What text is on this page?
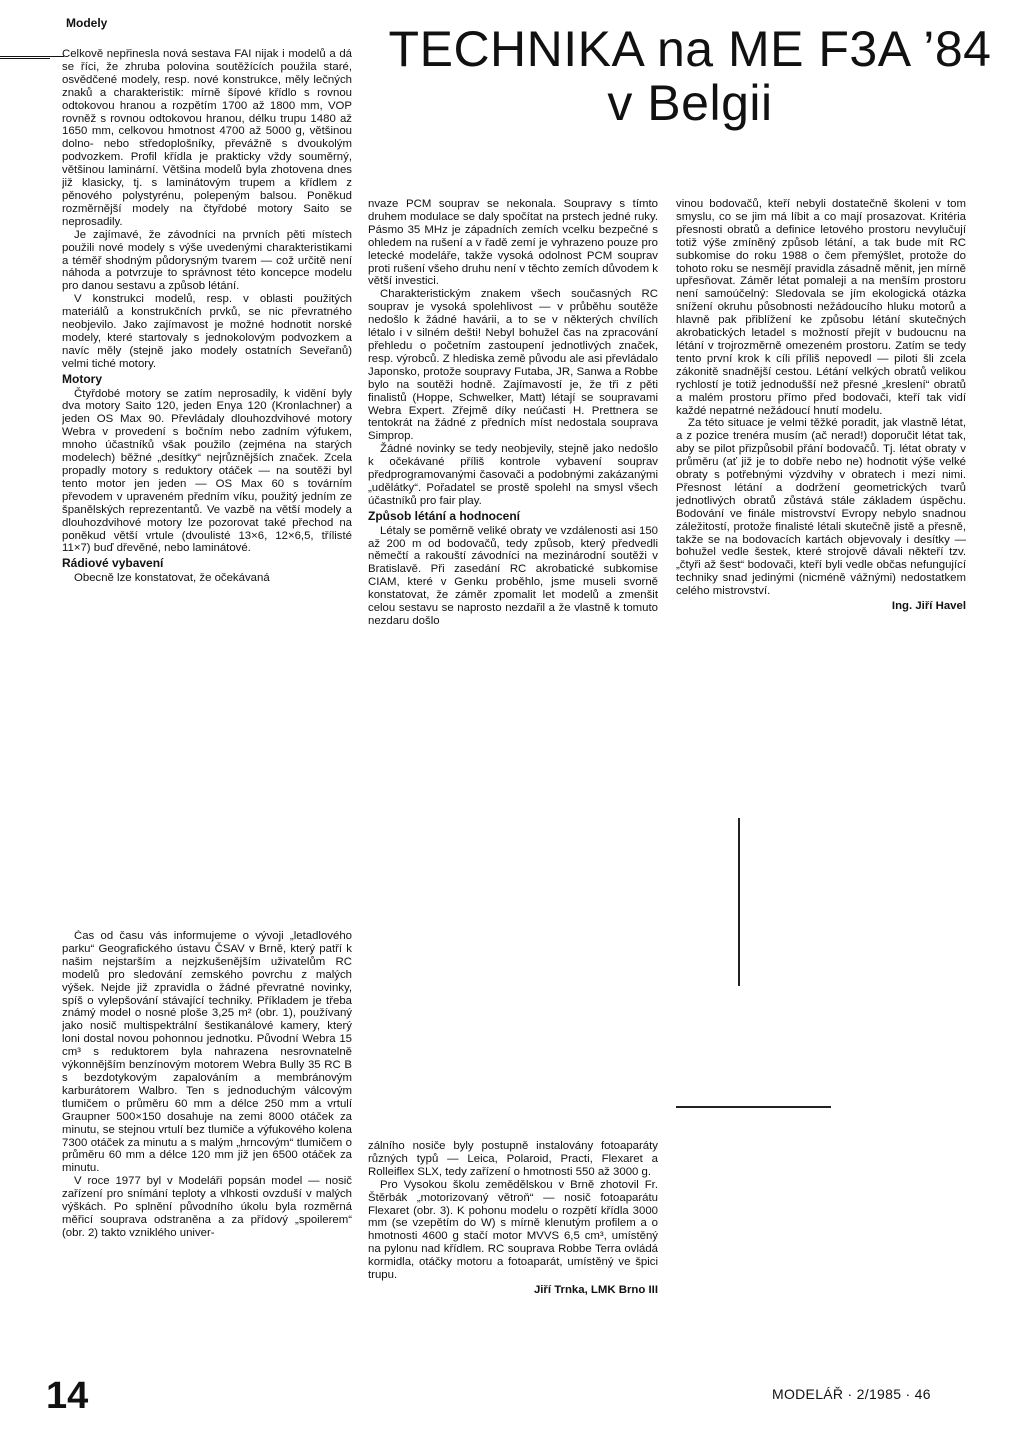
Modely	TECHNIKA na ME F3A ’84
v Belgii

Celkově nepřinesla nová sestava FAI nijak i modelů a dá se říci, že zhruba polovina soutěžících použila staré, osvědčené modely, resp. nové konstrukce, měly lečných znaků a charakteristik: mírně šípové křídlo s rovnou odtokovou hranou a rozpětím 1700 až 1800 mm, VOP rovněž s rovnou odtokovou hranou, délku trupu 1480 až 1650 mm, celkovou hmotnost 4700 až 5000 g, většinou dolno- nebo středoplošníky, převážně s dvoukolým podvozkem. Profil křídla je prakticky vždy souměrný, většinou laminární. Většina modelů byla zhotovena dnes již klasicky, tj. s laminátovým trupem a křídlem z pěnového polystyrénu, polepeným balsou. Poněkud rozměrnější modely na čtyřdobé motory Saito se neprosadily.

Je zajímavé, že závodníci na prvních pěti místech použili nové modely s výše uvedenými charakteristikami a téměř shodným půdorysným tvarem — což určitě není náhoda a potvrzuje to správnost této koncepce modelu pro danou sestavu a způsob létání.

V konstrukci modelů, resp. v oblasti použitých materiálů a konstrukčních prvků, se nic převratného neobjevilo. Jako zajímavost je možné hodnotit norské modely, které startovaly s jednokolovým podvozkem a navíc měly (stejně jako modely ostatních Seveřanů) velmi tiché motory.

Motory

Čtyřdobé motory se zatím neprosadily, k vidění byly dva motory Saito 120, jeden Enya 120 (Kronlachner) a jeden OS Max 90. Převládaly dlouhozdvihové motory Webra v provedení s bočním nebo zadním výfukem, mnoho účastníků však použilo (zejména na starých modelech) běžné „desítky“ nejrůznějších značek. Zcela propadly motory s reduktory otáček — na soutěži byl tento motor jen jeden — OS Max 60 s továrním převodem v upraveném předním víku, použitý jedním ze španělských reprezentantů. Ve vazbě na větší modely a dlouhozdvihové motory lze pozorovat také přechod na poněkud větší vrtule (dvoulisté 13×6, 12×6,5, třílisté 11×7) buď dřevěné, nebo laminátové.

Rádiové vybavení

Obecně lze konstatovat, že očekávaná

nvaze PCM souprav se nekonala. Soupravy s tímto druhem modulace se daly spočítat na prstech jedné ruky. Pásmo 35 MHz je západních zemích vcelku bezpečné s ohledem na rušení a v řadě zemí je vyhrazeno pouze pro letecké modeláře, takže vysoká odolnost PCM souprav proti rušení všeho druhu není v těchto zemích důvodem k větší investici.

Charakteristickým znakem všech současných RC souprav je vysoká spolehlivost — v průběhu soutěže nedošlo k žádné havárii, a to se v některých chvílích létalo i v silném dešti! Nebyl bohužel čas na zpracování přehledu o početním zastoupení jednotlivých značek, resp. výrobců. Z hlediska země původu ale asi převládalo Japonsko, protože soupravy Futaba, JR, Sanwa a Robbe bylo na soutěži hodně. Zajímavostí je, že tři z pěti finalistů (Hoppe, Schwelker, Matt) létají se soupravami Webra Expert. Zřejmě díky neúčasti H. Prettnera se tentokrát na žádné z předních míst nedostala souprava Simprop.

Žádné novinky se tedy neobjevily, stejně jako nedošlo k očekávané příliš kontrole vybavení souprav předprogramovanými časovači a podobnými zakázanými „udělátky“. Pořadatel se prostě spolehl na smysl všech účastníků pro fair play.

Způsob létání a hodnocení

Létaly se poměrně veliké obraty ve vzdálenosti asi 150 až 200 m od bodovačů, tedy způsob, který předvedli němečtí a rakouští závodníci na mezinárodní soutěži v Bratislavě. Při zasedání RC akrobatické subkomise CIAM, které v Genku proběhlo, jsme museli svorně konstatovat, že záměr zpomalit let modelů a zmenšit celou sestavu se naprosto nezdařil a že vlastně k tomuto nezdaru došlo

vinou bodovačů, kteří nebyli dostatečně školeni v tom smyslu, co se jim má líbit a co mají prosazovat. Kritéria přesnosti obratů a definice letového prostoru nevylučují totiž výše zmíněný způsob létání, a tak bude mít RC subkomise do roku 1988 o čem přemýšlet, protože do tohoto roku se nesmějí pravidla zásadně měnit, jen mírně upřesňovat. Záměr létat pomaleji a na menším prostoru není samoúčelný: Sledovala se jím ekologická otázka snížení okruhu působnosti nežádoucího hluku motorů a hlavně pak přiblížení ke způsobu létání skutečných akrobatických letadel s možností přejít v budoucnu na létání v trojrozměrně omezeném prostoru. Zatím se tedy tento první krok k cíli příliš nepovedl — piloti šli zcela zákonitě snadnější cestou. Létání velkých obratů velikou rychlostí je totiž jednodušší než přesné „kreslení“ obratů a malém prostoru přímo před bodovači, kteří tak vidí každé nepatrné nežádoucí hnutí modelu.

Za této situace je velmi těžké poradit, jak vlastně létat, a z pozice trenéra musím (ač nerad!) doporučit létat tak, aby se pilot přizpůsobil přání bodovačů. Tj. létat obraty v průměru (ať již je to dobře nebo ne) hodnotit výše velké obraty s potřebnými výzdvihy v obratech i mezi nimi. Přesnost létání a dodržení geometrických tvarů jednotlivých obratů zůstává stále základem úspěchu. Bodování ve finále mistrovství Evropy nebylo snadnou záležitostí, protože finalisté létali skutečně jistě a přesně, takže se na bodovacích kartách objevovaly i desítky — bohužel vedle šestek, které strojově dávali někteří tzv. „čtyři až šest“ bodovači, kteří byli vedle občas nefungující techniky snad jedinými (nicméně vážnými) nedostatkem celého mistrovství.

Ing. Jiří Havel

Čas od času vás informujeme o vývoji „letadlového parku“ Geografického ústavu ČSAV v Brně, který patří k našim nejstarším a nejzkušenějším uživatelům RC modelů pro sledování zemského povrchu z malých výšek. Nejde již zpravidla o žádné převratné novinky, spíš o vylepšování stávající techniky. Příkladem je třeba známý model o nosné ploše 3,25 m² (obr. 1), používaný jako nosič multispektrální šestikanálové kamery, který loni dostal novou pohonnou jednotku. Původní Webra 15 cm³ s reduktorem byla nahrazena nesrovnatelně výkonnějším benzínovým motorem Webra Bully 35 RC B s bezdotykovým zapalováním a membránovým karburátorem Walbro. Ten s jednoduchým válcovým tlumičem o průměru 60 mm a délce 250 mm a vrtulí Graupner 500×150 dosahuje na zemi 8000 otáček za minutu, se stejnou vrtulí bez tlumiče a výfukového kolena 7300 otáček za minutu a s malým „hrncovým“ tlumičem o průměru 60 mm a délce 120 mm již jen 6500 otáček za minutu.

V roce 1977 byl v Modeláři popsán model — nosič zařízení pro snímání teploty a vlhkosti ovzduší v malých výškách. Po splnění původního úkolu byla rozměrná měřicí souprava odstraněna a za přídový „spoilerem“ (obr. 2) takto vzniklého univer-

zálního nosiče byly postupně instalovány fotoaparáty různých typů — Leica, Polaroid, Practi, Flexaret a Rolleiflex SLX, tedy zařízení o hmotnosti 550 až 3000 g.

Pro Vysokou školu zemědělskou v Brně zhotovil Fr. Štěrbák „motorizovaný větroň“ — nosič fotoaparátu Flexaret (obr. 3). K pohonu modelu o rozpětí křídla 3000 mm (se vzepětím do W) s mírně klenutým profilem a o hmotnosti 4600 g stačí motor MVVS 6,5 cm³, umístěný na pylonu nad křídlem. RC souprava Robbe Terra ovládá kormidla, otáčky motoru a fotoaparát, umístěný ve špici trupu.

Jiří Trnka, LMK Brno III
14	MODELÁŘ · 2/1985 · 46
